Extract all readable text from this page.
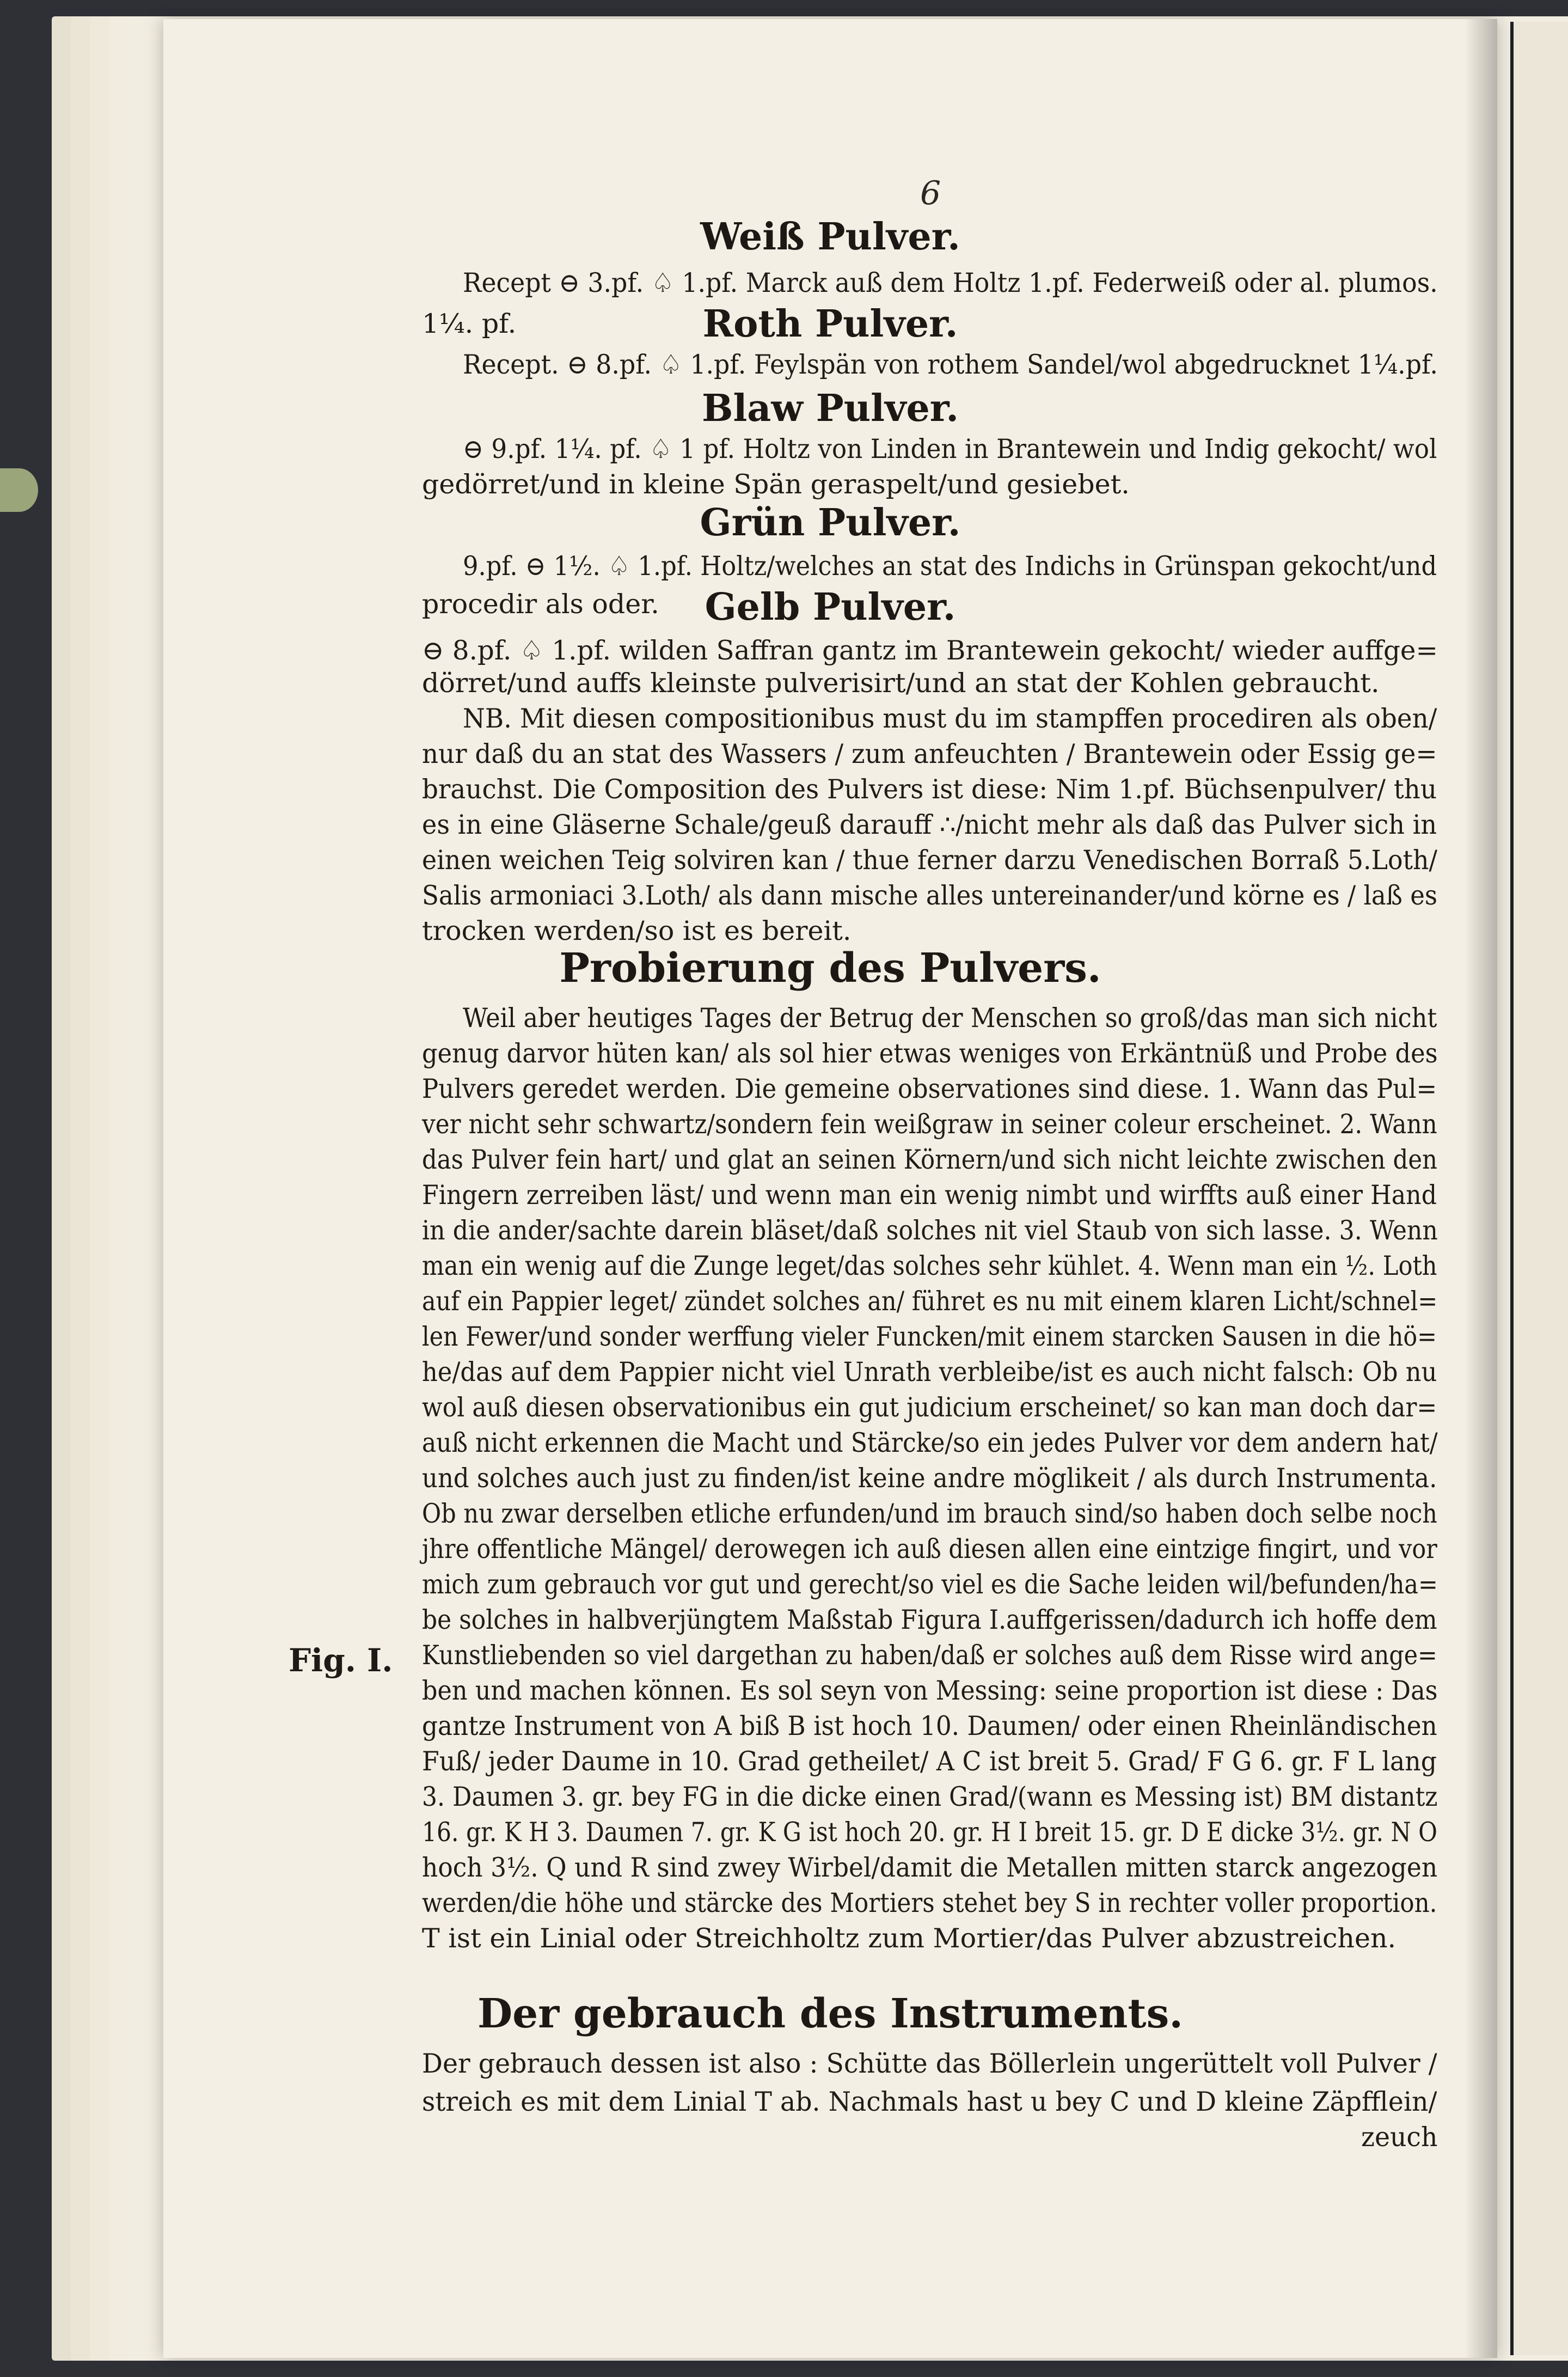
6
Weiß Pulver.
Roth Pulver.
Blaw Pulver.
Grün Pulver.
Gelb Pulver.
Probierung des Pulvers.
Der gebrauch des Instruments.
Fig. I.
Recept ⊖ 3.pf. ♤ 1.pf. Marck auß dem Holtz 1.pf. Federweiß oder al. plumos.
1¼. pf.
Recept. ⊖ 8.pf. ♤ 1.pf. Feylspän von rothem Sandel/wol abgedrucknet 1¼.pf.
⊖ 9.pf. 1¼. pf. ♤ 1 pf. Holtz von Linden in Brantewein und Indig gekocht/ wol
gedörret/und in kleine Spän geraspelt/und gesiebet.
9.pf. ⊖ 1½. ♤ 1.pf. Holtz/welches an stat des Indichs in Grünspan gekocht/und
procedir als oder.
⊖ 8.pf. ♤ 1.pf. wilden Saffran gantz im Brantewein gekocht/ wieder auffge=
dörret/und auffs kleinste pulverisirt/und an stat der Kohlen gebraucht.
NB. Mit diesen compositionibus must du im stampffen procediren als oben/
nur daß du an stat des Wassers / zum anfeuchten / Brantewein oder Essig ge=
brauchst. Die Composition des Pulvers ist diese: Nim 1.pf. Büchsenpulver/ thu
es in eine Gläserne Schale/geuß darauff ∴/nicht mehr als daß das Pulver sich in
einen weichen Teig solviren kan / thue ferner darzu Venedischen Borraß 5.Loth/
Salis armoniaci 3.Loth/ als dann mische alles untereinander/und körne es / laß es
trocken werden/so ist es bereit.
Weil aber heutiges Tages der Betrug der Menschen so groß/das man sich nicht
genug darvor hüten kan/ als sol hier etwas weniges von Erkäntnüß und Probe des
Pulvers geredet werden. Die gemeine observationes sind diese. 1. Wann das Pul=
ver nicht sehr schwartz/sondern fein weißgraw in seiner coleur erscheinet. 2. Wann
das Pulver fein hart/ und glat an seinen Körnern/und sich nicht leichte zwischen den
Fingern zerreiben läst/ und wenn man ein wenig nimbt und wirffts auß einer Hand
in die ander/sachte darein bläset/daß solches nit viel Staub von sich lasse. 3. Wenn
man ein wenig auf die Zunge leget/das solches sehr kühlet. 4. Wenn man ein ½. Loth
auf ein Pappier leget/ zündet solches an/ führet es nu mit einem klaren Licht/schnel=
len Fewer/und sonder werffung vieler Funcken/mit einem starcken Sausen in die hö=
he/das auf dem Pappier nicht viel Unrath verbleibe/ist es auch nicht falsch: Ob nu
wol auß diesen observationibus ein gut judicium erscheinet/ so kan man doch dar=
auß nicht erkennen die Macht und Stärcke/so ein jedes Pulver vor dem andern hat/
und solches auch just zu finden/ist keine andre möglikeit / als durch Instrumenta.
Ob nu zwar derselben etliche erfunden/und im brauch sind/so haben doch selbe noch
jhre offentliche Mängel/ derowegen ich auß diesen allen eine eintzige fingirt, und vor
mich zum gebrauch vor gut und gerecht/so viel es die Sache leiden wil/befunden/ha=
be solches in halbverjüngtem Maßstab Figura I.auffgerissen/dadurch ich hoffe dem
Kunstliebenden so viel dargethan zu haben/daß er solches auß dem Risse wird ange=
ben und machen können. Es sol seyn von Messing: seine proportion ist diese : Das
gantze Instrument von A biß B ist hoch 10. Daumen/ oder einen Rheinländischen
Fuß/ jeder Daume in 10. Grad getheilet/ A C ist breit 5. Grad/ F G 6. gr. F L lang
3. Daumen 3. gr. bey FG in die dicke einen Grad/(wann es Messing ist) BM distantz
16. gr. K H 3. Daumen 7. gr. K G ist hoch 20. gr. H I breit 15. gr. D E dicke 3½. gr. N O
hoch 3½. Q und R sind zwey Wirbel/damit die Metallen mitten starck angezogen
werden/die höhe und stärcke des Mortiers stehet bey S in rechter voller proportion.
T ist ein Linial oder Streichholtz zum Mortier/das Pulver abzustreichen.
Der gebrauch dessen ist also : Schütte das Böllerlein ungerüttelt voll Pulver /
streich es mit dem Linial T ab. Nachmals hast u bey C und D kleine Zäpfflein/
zeuch
